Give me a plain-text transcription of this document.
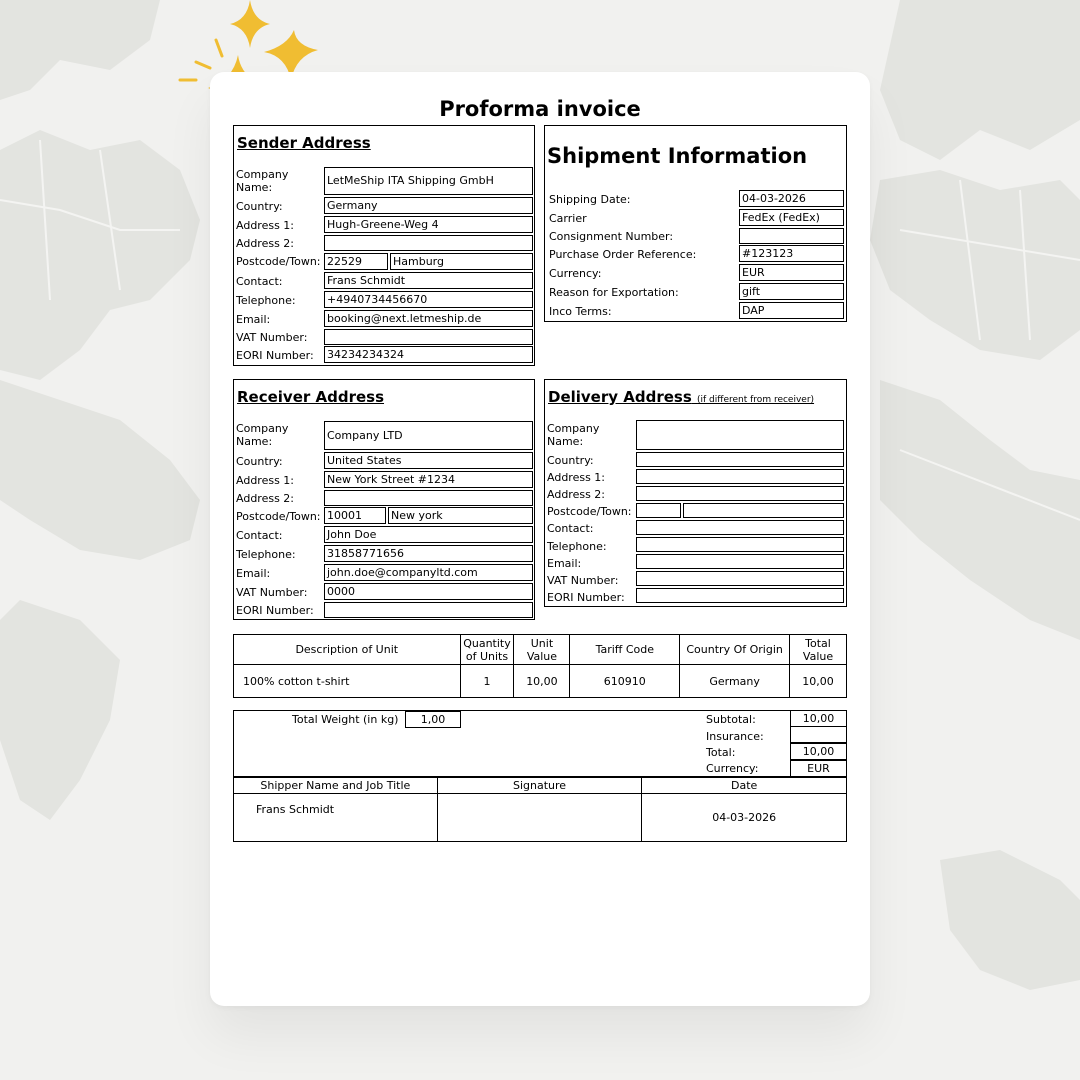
Proforma invoice
Sender Address
Company Name:
LetMeShip ITA Shipping GmbH
Country:	Germany
Address 1:	Hugh-Greene-Weg 4
Address 2:
Postcode/Town: 22529	Hamburg
Contact:	Frans Schmidt
Telephone:	+4940734456670
Email:	booking@next.letmeship.de
VAT Number:
EORI Number: 34234234324
Shipment Information
Shipping Date:	04-03-2026
Carrier	FedEx (FedEx)
Consignment Number:
Purchase Order Reference:	#123123
Currency:	EUR
Reason for Exportation:	gift
Inco Terms:	DAP
Receiver Address
Company Name:	Company LTD
Country:	United States
Address 1:	New York Street #1234
Address 2:
Postcode/Town: 10001	New york
Contact:	John Doe
Telephone:	31858771656
Email:	john.doe@companyltd.com
VAT Number: 0000
EORI Number:
Delivery Address (if different from receiver)
Company Name:
Country:
Address 1:
Address 2:
Postcode/Town:
Contact:
Telephone:
Email:
VAT Number:
EORI Number:
Description of Unit	Quantity of Units	Unit Value	Tariff Code	Country Of Origin	Total Value
100% cotton t-shirt	1	10,00	610910	Germany	10,00
Total Weight (in kg)	1,00	Subtotal:	10,00
Insurance:
Total:	10,00
Currency:	EUR
Shipper Name and Job Title	Signature	Date
Frans Schmidt		04-03-2026
